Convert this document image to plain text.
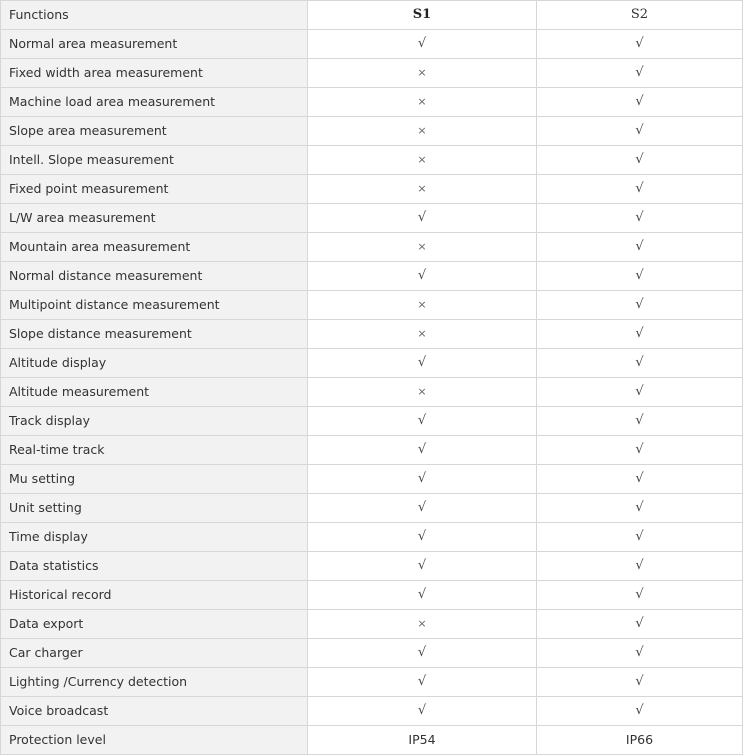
Functions	S1	S2
Normal area measurement	√	√
Fixed width area measurement	×	√
Machine load area measurement	×	√
Slope area measurement	×	√
Intell. Slope measurement	×	√
Fixed point measurement	×	√
L/W area measurement	√	√
Mountain area measurement	×	√
Normal distance measurement	√	√
Multipoint distance measurement	×	√
Slope distance measurement	×	√
Altitude display	√	√
Altitude measurement	×	√
Track display	√	√
Real-time track	√	√
Mu setting	√	√
Unit setting	√	√
Time display	√	√
Data statistics	√	√
Historical record	√	√
Data export	×	√
Car charger	√	√
Lighting /Currency detection	√	√
Voice broadcast	√	√
Protection level	IP54	IP66
